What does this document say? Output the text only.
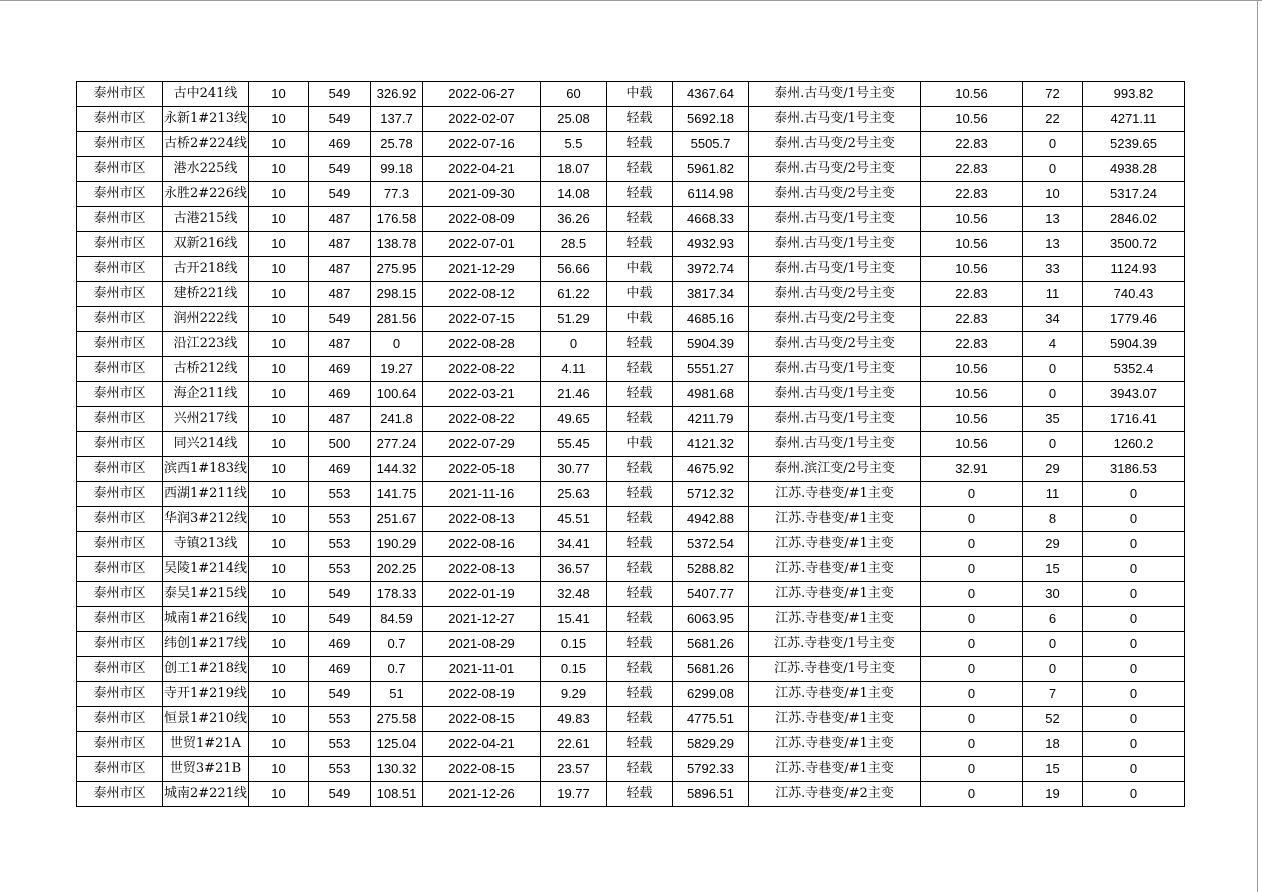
泰州市区	古中241线	10	549	326.92	2022-06-27	60	中载	4367.64	泰州.古马变/1号主变	10.56	72	993.82
泰州市区	永新1#213线	10	549	137.7	2022-02-07	25.08	轻载	5692.18	泰州.古马变/1号主变	10.56	22	4271.11
泰州市区	古桥2#224线	10	469	25.78	2022-07-16	5.5	轻载	5505.7	泰州.古马变/2号主变	22.83	0	5239.65
泰州市区	港水225线	10	549	99.18	2022-04-21	18.07	轻载	5961.82	泰州.古马变/2号主变	22.83	0	4938.28
泰州市区	永胜2#226线	10	549	77.3	2021-09-30	14.08	轻载	6114.98	泰州.古马变/2号主变	22.83	10	5317.24
泰州市区	古港215线	10	487	176.58	2022-08-09	36.26	轻载	4668.33	泰州.古马变/1号主变	10.56	13	2846.02
泰州市区	双新216线	10	487	138.78	2022-07-01	28.5	轻载	4932.93	泰州.古马变/1号主变	10.56	13	3500.72
泰州市区	古开218线	10	487	275.95	2021-12-29	56.66	中载	3972.74	泰州.古马变/1号主变	10.56	33	1124.93
泰州市区	建桥221线	10	487	298.15	2022-08-12	61.22	中载	3817.34	泰州.古马变/2号主变	22.83	11	740.43
泰州市区	润州222线	10	549	281.56	2022-07-15	51.29	中载	4685.16	泰州.古马变/2号主变	22.83	34	1779.46
泰州市区	沿江223线	10	487	0	2022-08-28	0	轻载	5904.39	泰州.古马变/2号主变	22.83	4	5904.39
泰州市区	古桥212线	10	469	19.27	2022-08-22	4.11	轻载	5551.27	泰州.古马变/1号主变	10.56	0	5352.4
泰州市区	海企211线	10	469	100.64	2022-03-21	21.46	轻载	4981.68	泰州.古马变/1号主变	10.56	0	3943.07
泰州市区	兴州217线	10	487	241.8	2022-08-22	49.65	轻载	4211.79	泰州.古马变/1号主变	10.56	35	1716.41
泰州市区	同兴214线	10	500	277.24	2022-07-29	55.45	中载	4121.32	泰州.古马变/1号主变	10.56	0	1260.2
泰州市区	滨西1#183线	10	469	144.32	2022-05-18	30.77	轻载	4675.92	泰州.滨江变/2号主变	32.91	29	3186.53
泰州市区	西湖1#211线	10	553	141.75	2021-11-16	25.63	轻载	5712.32	江苏.寺巷变/#1主变	0	11	0
泰州市区	华润3#212线	10	553	251.67	2022-08-13	45.51	轻载	4942.88	江苏.寺巷变/#1主变	0	8	0
泰州市区	寺镇213线	10	553	190.29	2022-08-16	34.41	轻载	5372.54	江苏.寺巷变/#1主变	0	29	0
泰州市区	吴陵1#214线	10	553	202.25	2022-08-13	36.57	轻载	5288.82	江苏.寺巷变/#1主变	0	15	0
泰州市区	泰吴1#215线	10	549	178.33	2022-01-19	32.48	轻载	5407.77	江苏.寺巷变/#1主变	0	30	0
泰州市区	城南1#216线	10	549	84.59	2021-12-27	15.41	轻载	6063.95	江苏.寺巷变/#1主变	0	6	0
泰州市区	纬创1#217线	10	469	0.7	2021-08-29	0.15	轻载	5681.26	江苏.寺巷变/1号主变	0	0	0
泰州市区	创工1#218线	10	469	0.7	2021-11-01	0.15	轻载	5681.26	江苏.寺巷变/1号主变	0	0	0
泰州市区	寺开1#219线	10	549	51	2022-08-19	9.29	轻载	6299.08	江苏.寺巷变/#1主变	0	7	0
泰州市区	恒景1#210线	10	553	275.58	2022-08-15	49.83	轻载	4775.51	江苏.寺巷变/#1主变	0	52	0
泰州市区	世贸1#21A	10	553	125.04	2022-04-21	22.61	轻载	5829.29	江苏.寺巷变/#1主变	0	18	0
泰州市区	世贸3#21B	10	553	130.32	2022-08-15	23.57	轻载	5792.33	江苏.寺巷变/#1主变	0	15	0
泰州市区	城南2#221线	10	549	108.51	2021-12-26	19.77	轻载	5896.51	江苏.寺巷变/#2主变	0	19	0
